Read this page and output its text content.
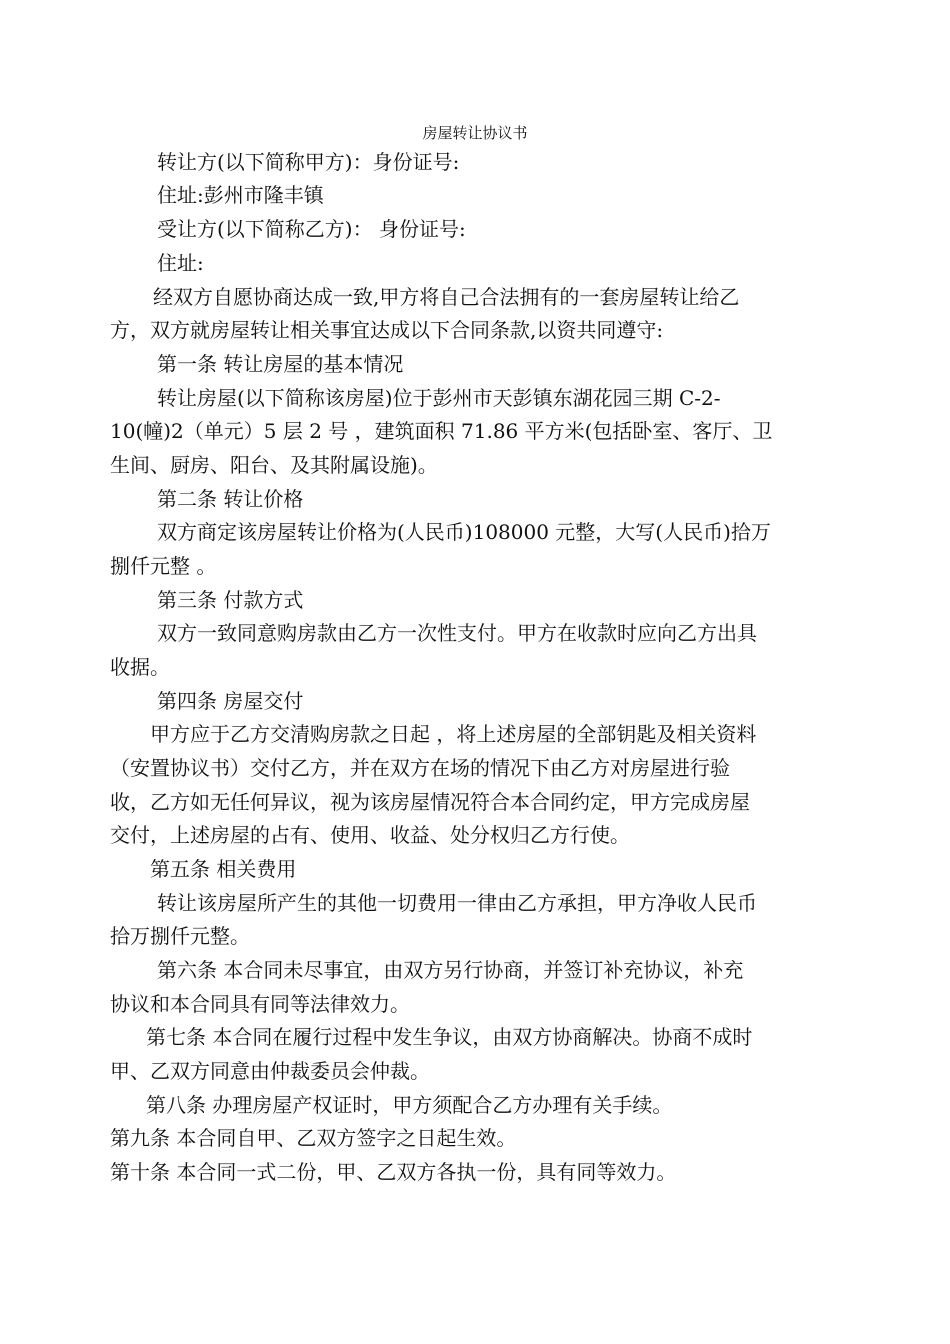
房屋转让协议书
转让方(以下简称甲方)：身份证号:
住址:彭州市隆丰镇
受让方(以下简称乙方)： 身份证号:
住址:
经双方自愿协商达成一致,甲方将自己合法拥有的一套房屋转让给乙
方，双方就房屋转让相关事宜达成以下合同条款,以资共同遵守:
第一条 转让房屋的基本情况
转让房屋(以下简称该房屋)位于彭州市天彭镇东湖花园三期 C-2-
10(幢)2（单元）5 层 2 号 ，建筑面积 71.86 平方米(包括卧室、客厅、卫
生间、厨房、阳台、及其附属设施)。
第二条 转让价格
双方商定该房屋转让价格为(人民币)108000 元整，大写(人民币)拾万
捌仟元整 。
第三条 付款方式
双方一致同意购房款由乙方一次性支付。甲方在收款时应向乙方出具
收据。
第四条 房屋交付
甲方应于乙方交清购房款之日起 ，将上述房屋的全部钥匙及相关资料
（安置协议书）交付乙方，并在双方在场的情况下由乙方对房屋进行验
收，乙方如无任何异议，视为该房屋情况符合本合同约定，甲方完成房屋
交付，上述房屋的占有、使用、收益、处分权归乙方行使。
第五条 相关费用
转让该房屋所产生的其他一切费用一律由乙方承担，甲方净收人民币
拾万捌仟元整。
第六条 本合同未尽事宜，由双方另行协商，并签订补充协议，补充
协议和本合同具有同等法律效力。
第七条 本合同在履行过程中发生争议，由双方协商解决。协商不成时
甲、乙双方同意由仲裁委员会仲裁。
第八条 办理房屋产权证时，甲方须配合乙方办理有关手续。
第九条 本合同自甲、乙双方签字之日起生效。
第十条 本合同一式二份，甲、乙双方各执一份，具有同等效力。
